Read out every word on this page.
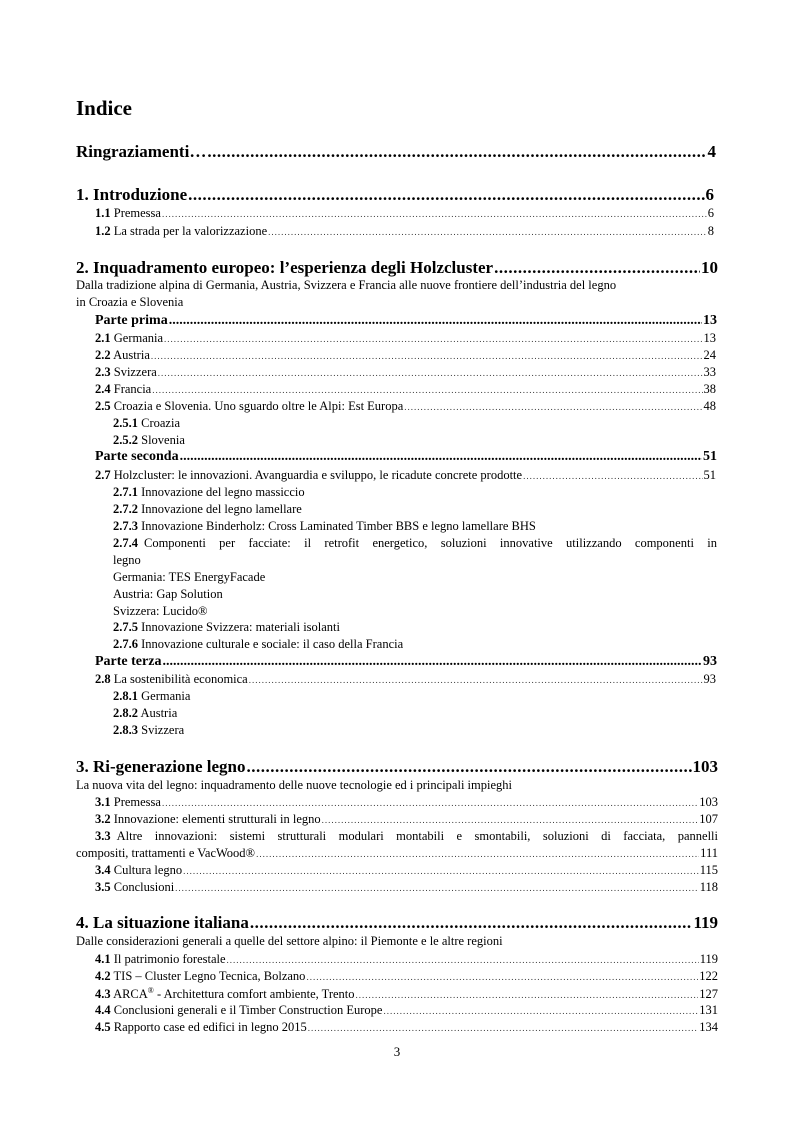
Indice
Ringraziamenti… .....	4
1. Introduzione .....	6
1.1 Premessa .....	6
1.2 La strada per la valorizzazione .....	8
2. Inquadramento europeo: l’esperienza degli Holzcluster .....	10
Dalla tradizione alpina di Germania, Austria, Svizzera e Francia alle nuove frontiere dell’industria del legno
in Croazia e Slovenia
Parte prima .....	13
2.1 Germania .....	13
2.2 Austria .....	24
2.3 Svizzera .....	33
2.4 Francia .....	38
2.5 Croazia e Slovenia. Uno sguardo oltre le Alpi: Est Europa .....	48
2.5.1 Croazia
2.5.2 Slovenia
Parte seconda .....	51
2.7 Holzcluster: le innovazioni. Avanguardia e sviluppo, le ricadute concrete prodotte .....	51
2.7.1 Innovazione del legno massiccio
2.7.2 Innovazione del legno lamellare
2.7.3 Innovazione Binderholz: Cross Laminated Timber BBS e legno lamellare BHS
2.7.4 Componenti per facciate: il retrofit energetico, soluzioni innovative utilizzando componenti in
legno
Germania: TES EnergyFacade
Austria: Gap Solution
Svizzera: Lucido®
2.7.5 Innovazione Svizzera: materiali isolanti
2.7.6 Innovazione culturale e sociale: il caso della Francia
Parte terza .....	93
2.8 La sostenibilità economica .....	93
2.8.1 Germania
2.8.2 Austria
2.8.3 Svizzera
3. Ri-generazione legno .....	103
La nuova vita del legno: inquadramento delle nuove tecnologie ed i principali impieghi
3.1 Premessa .....	103
3.2 Innovazione: elementi strutturali in legno .....	107
3.3 Altre innovazioni: sistemi strutturali modulari montabili e smontabili, soluzioni di facciata, pannelli
compositi, trattamenti e VacWood® .....	111
3.4 Cultura legno .....	115
3.5 Conclusioni .....	118
4. La situazione italiana .....	119
Dalle considerazioni generali a quelle del settore alpino: il Piemonte e le altre regioni
4.1 Il patrimonio forestale .....	119
4.2 TIS – Cluster Legno Tecnica, Bolzano .....	122
4.3 ARCA® - Architettura comfort ambiente, Trento .....	127
4.4 Conclusioni generali e il Timber Construction Europe .....	131
4.5 Rapporto case ed edifici in legno 2015 .....	134
3
